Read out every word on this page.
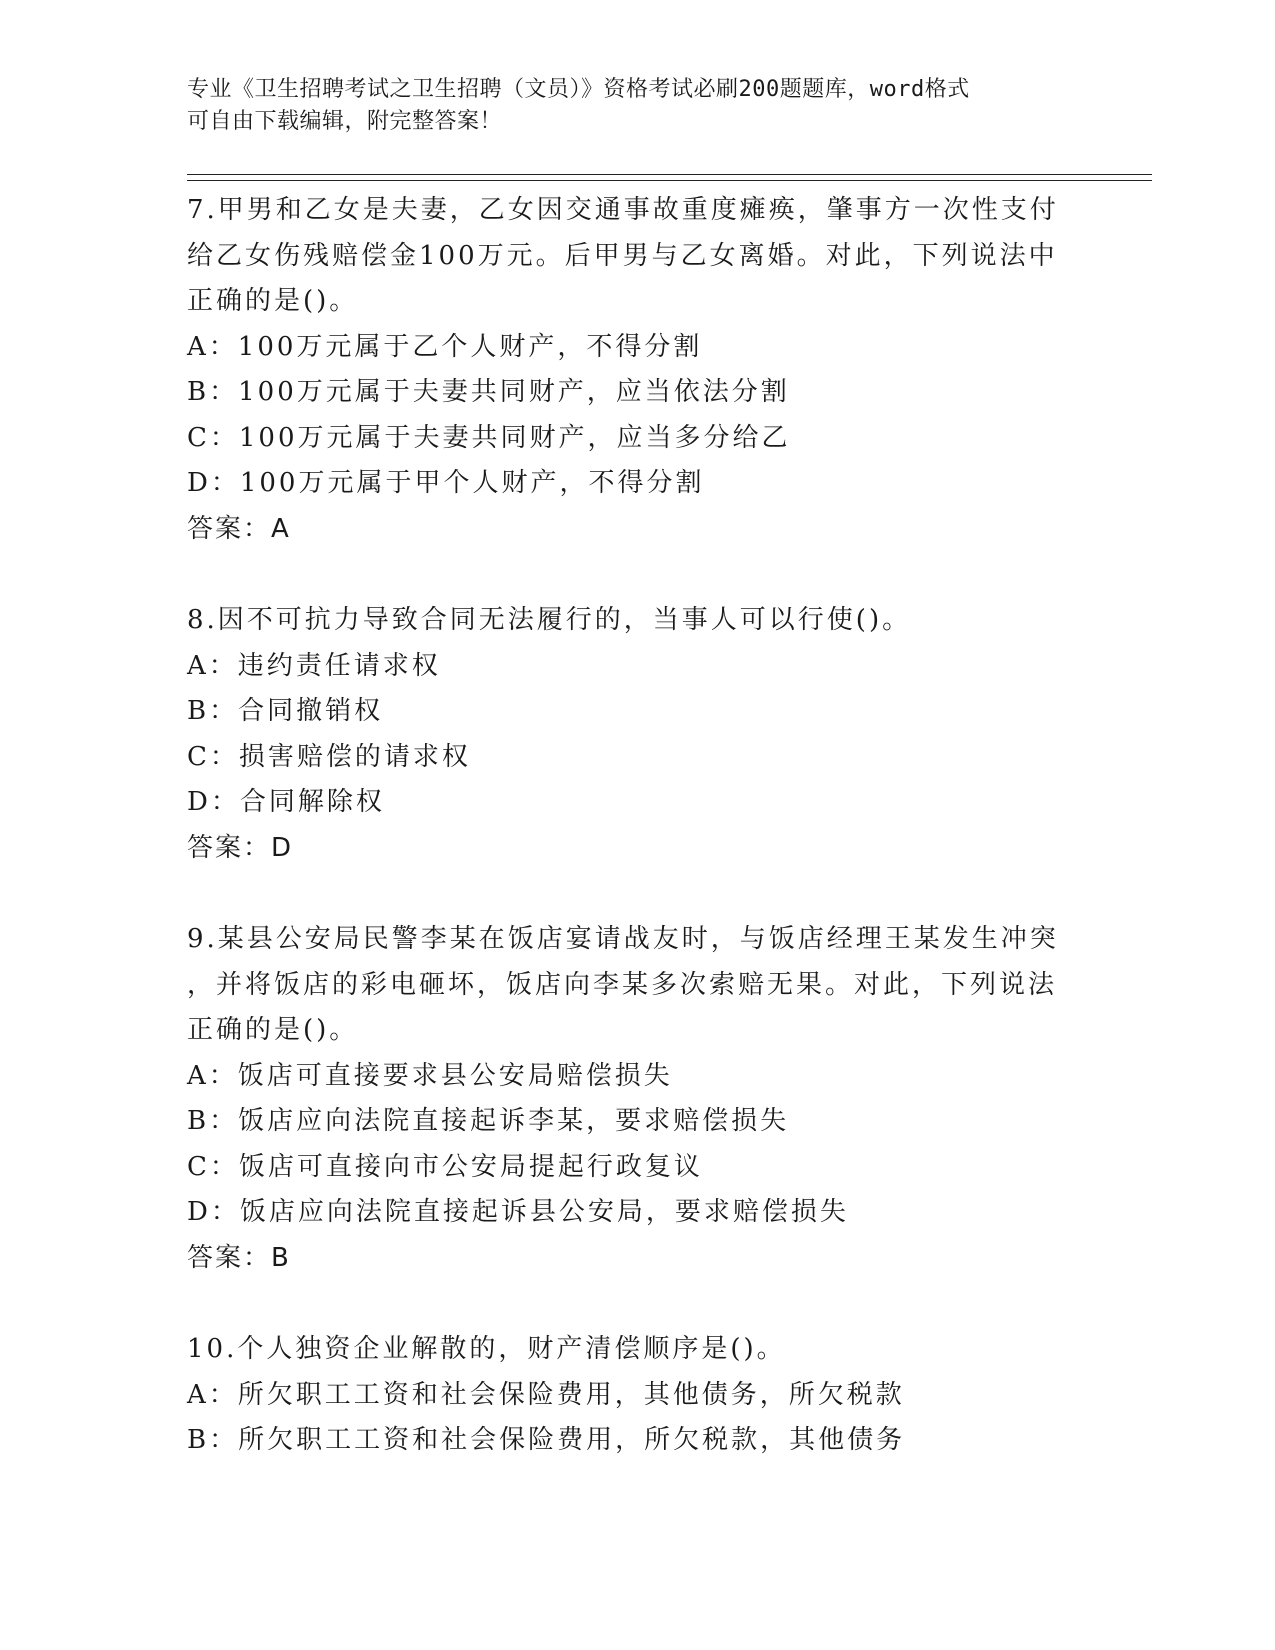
专业《卫生招聘考试之卫生招聘（文员）》资格考试必刷200题题库，word格式
可自由下载编辑，附完整答案！
7.甲男和乙女是夫妻，乙女因交通事故重度瘫痪，肇事方一次性支付
给乙女伤残赔偿金100万元。后甲男与乙女离婚。对此，下列说法中
正确的是()。
A：100万元属于乙个人财产，不得分割
B：100万元属于夫妻共同财产，应当依法分割
C：100万元属于夫妻共同财产，应当多分给乙
D：100万元属于甲个人财产，不得分割
答案：A
8.因不可抗力导致合同无法履行的，当事人可以行使()。
A：违约责任请求权
B：合同撤销权
C：损害赔偿的请求权
D：合同解除权
答案：D
9.某县公安局民警李某在饭店宴请战友时，与饭店经理王某发生冲突
，并将饭店的彩电砸坏，饭店向李某多次索赔无果。对此，下列说法
正确的是()。
A：饭店可直接要求县公安局赔偿损失
B：饭店应向法院直接起诉李某，要求赔偿损失
C：饭店可直接向市公安局提起行政复议
D：饭店应向法院直接起诉县公安局，要求赔偿损失
答案：B
10.个人独资企业解散的，财产清偿顺序是()。
A：所欠职工工资和社会保险费用，其他债务，所欠税款
B：所欠职工工资和社会保险费用，所欠税款，其他债务
